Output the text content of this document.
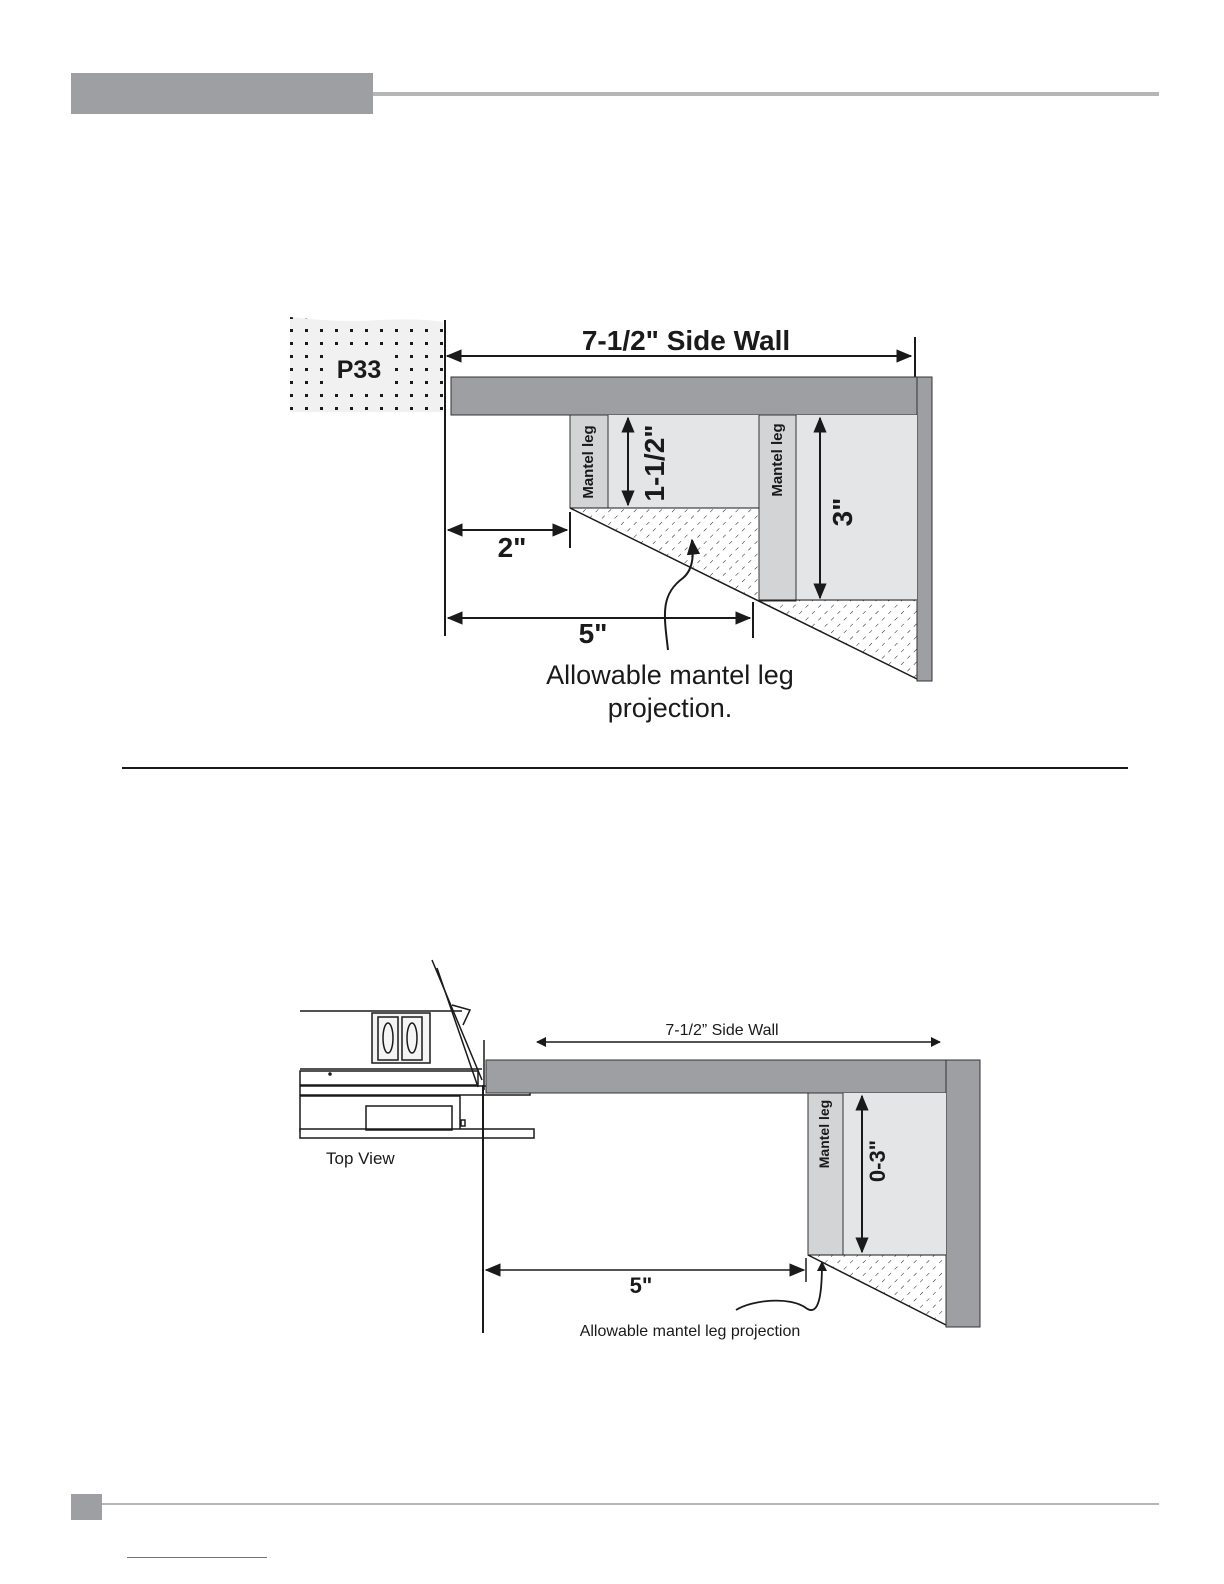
P33
7-1/2" Side Wall
Mantel leg	Mantel leg
1-1/2"
3"
2"
5"
Allowable mantel leg
projection.
Top View
7-1/2” Side Wall
Mantel leg 0-3"
5"
Allowable mantel leg projection
